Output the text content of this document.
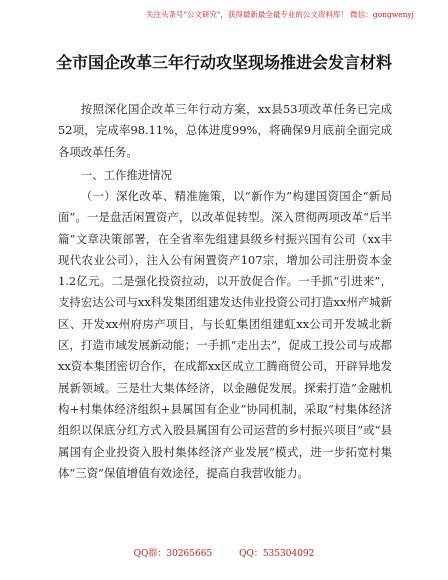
关注头条号"公文研究"，获得最新最全最专业的公文资料库！ 微信：gongwenyj
全市国企改革三年行动攻坚现场推进会发言材料

按照深化国企改革三年行动方案，xx县53项改革任务已完成52项，完成率98.11%，总体进度99%，将确保9月底前全面完成各项改革任务。

一、工作推进情况

（一）深化改革、精准施策，以“新作为”构建国资国企“新局面”。一是盘活闲置资产，以改革促转型。深入贯彻两项改革“后半篇”文章决策部署，在全省率先组建县级乡村振兴国有公司（xx丰现代农业公司），注入公有闲置资产107宗，增加公司注册资本金1.2亿元。二是强化投资拉动，以开放促合作。一手抓“引进来”，支持宏达公司与xx科发集团组建发达伟业投资公司打造xx州产城新区、开发xx州府房产项目，与长虹集团组建虹xx公司开发城北新区，打造市域发展新动能；一手抓“走出去”，促成工投公司与成都xx资本集团密切合作，在成都xx区成立工腾商贸公司，开辟异地发展新领域。三是壮大集体经济，以金融促发展。探索打造“金融机构+村集体经济组织+县属国有企业”协同机制，采取“村集体经济组织以保底分红方式入股县属国有公司运营的乡村振兴项目”或“县属国有企业投资入股村集体经济产业发展”模式，进一步拓宽村集体“三资”保值增值有效途径，提高自我营收能力。

QQ群：30265665	QQ：535304092
